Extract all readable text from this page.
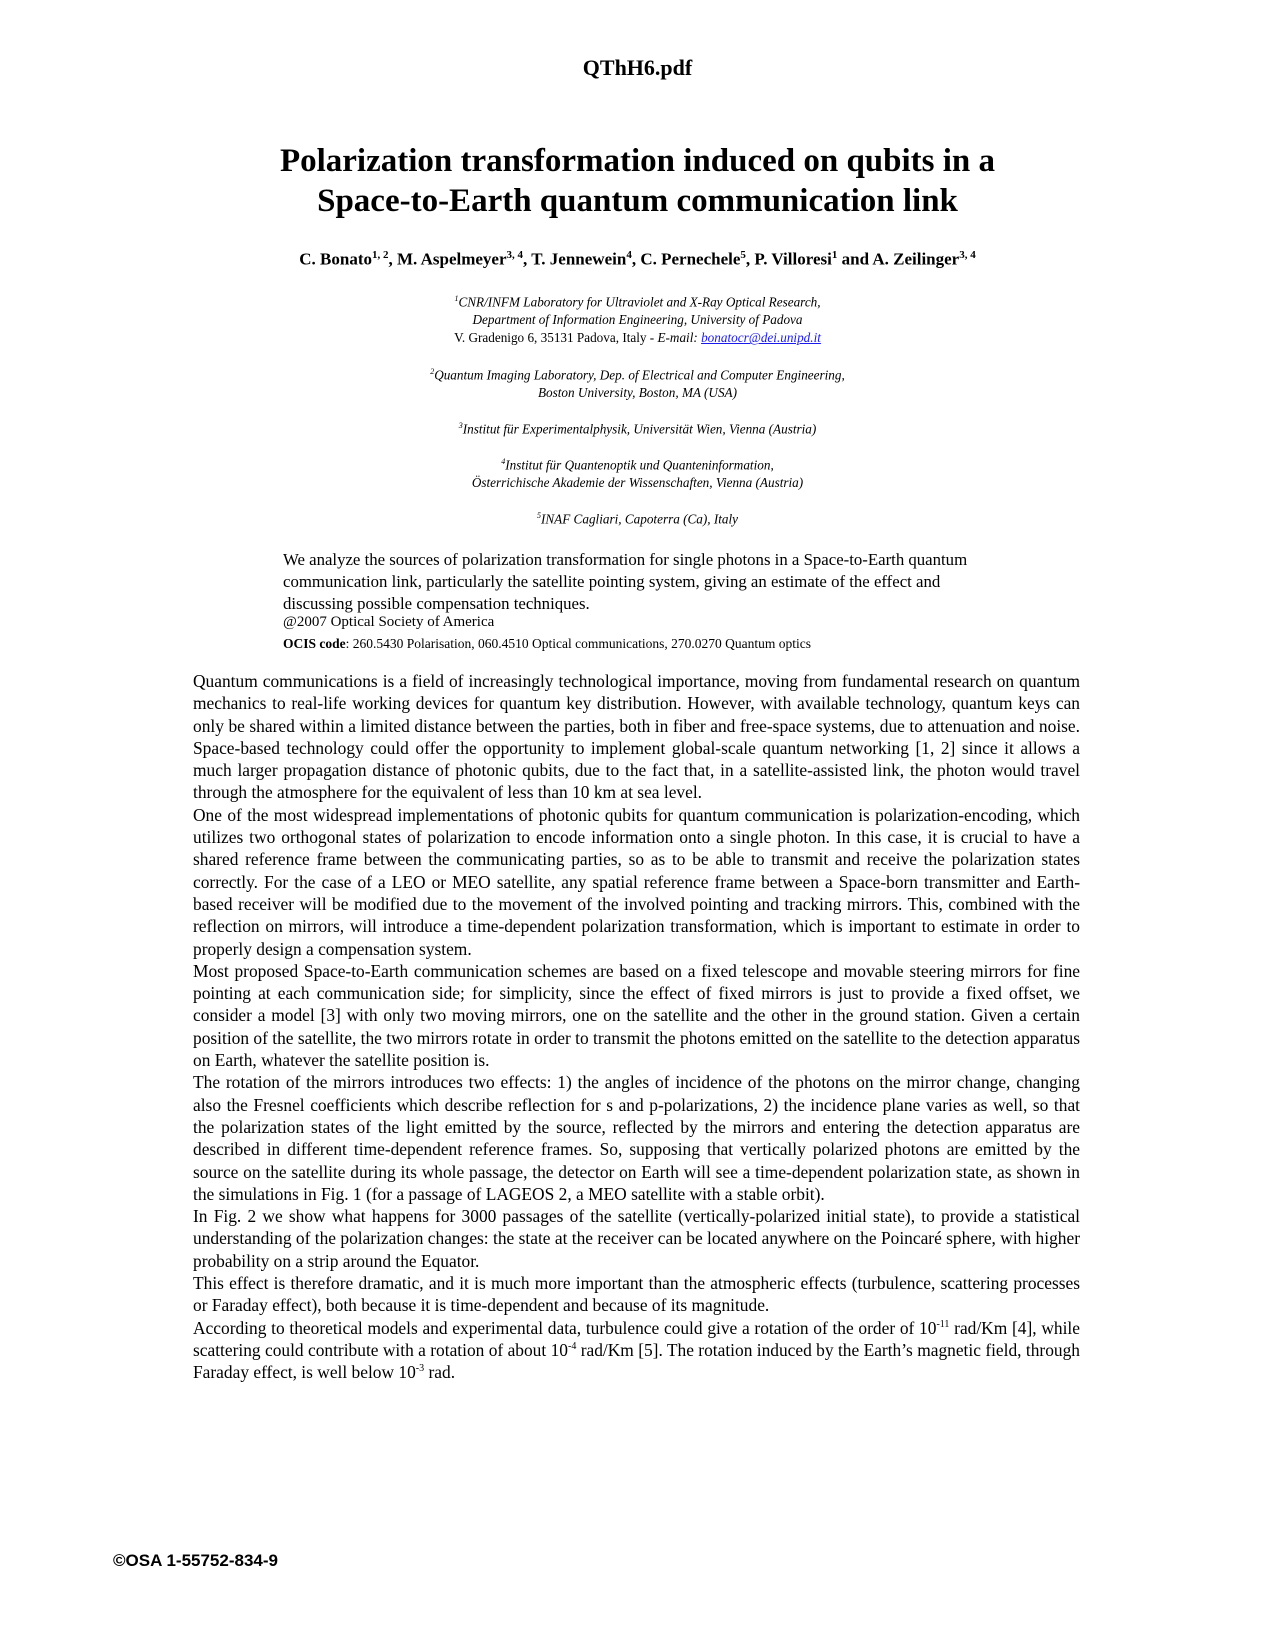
QThH6.pdf
Polarization transformation induced on qubits in a
Space-to-Earth quantum communication link
C. Bonato$^{1, 2}$, M. Aspelmeyer$^{3, 4}$, T. Jennewein$^4$, C. Pernechele$^5$, P. Villoresi$^1$ and A. Zeilinger$^{3, 4}$
$^1$CNR/INFM Laboratory for Ultraviolet and X-Ray Optical Research,
Department of Information Engineering, University of Padova
V. Gradenigo 6, 35131 Padova, Italy - E-mail: bonatocr@dei.unipd.it
$^2$Quantum Imaging Laboratory, Dep. of Electrical and Computer Engineering,
Boston University, Boston, MA (USA)
$^3$Institut für Experimentalphysik, Universität Wien, Vienna (Austria)
$^4$Institut für Quantenoptik und Quanteninformation,
Österrichische Akademie der Wissenschaften, Vienna (Austria)
$^5$INAF Cagliari, Capoterra (Ca), Italy
We analyze the sources of polarization transformation for single photons in a Space-to-Earth quantum communication link, particularly the satellite pointing system, giving an estimate of the effect and discussing possible compensation techniques.
@2007 Optical Society of America
OCIS code: 260.5430 Polarisation, 060.4510 Optical communications, 270.0270 Quantum optics

Quantum communications is a field of increasingly technological importance, moving from fundamental research on quantum mechanics to real-life working devices for quantum key distribution. However, with available technology, quantum keys can only be shared within a limited distance between the parties, both in fiber and free-space systems, due to attenuation and noise. Space-based technology could offer the opportunity to implement global-scale quantum networking [1, 2] since it allows a much larger propagation distance of photonic qubits, due to the fact that, in a satellite-assisted link, the photon would travel through the atmosphere for the equivalent of less than 10 km at sea level.

One of the most widespread implementations of photonic qubits for quantum communication is polarization-encoding, which utilizes two orthogonal states of polarization to encode information onto a single photon. In this case, it is crucial to have a shared reference frame between the communicating parties, so as to be able to transmit and receive the polarization states correctly. For the case of a LEO or MEO satellite, any spatial reference frame between a Space-born transmitter and Earth-based receiver will be modified due to the movement of the involved pointing and tracking mirrors. This, combined with the reflection on mirrors, will introduce a time-dependent polarization transformation, which is important to estimate in order to properly design a compensation system.

Most proposed Space-to-Earth communication schemes are based on a fixed telescope and movable steering mirrors for fine pointing at each communication side; for simplicity, since the effect of fixed mirrors is just to provide a fixed offset, we consider a model [3] with only two moving mirrors, one on the satellite and the other in the ground station. Given a certain position of the satellite, the two mirrors rotate in order to transmit the photons emitted on the satellite to the detection apparatus on Earth, whatever the satellite position is.

The rotation of the mirrors introduces two effects: 1) the angles of incidence of the photons on the mirror change, changing also the Fresnel coefficients which describe reflection for s and p-polarizations, 2) the incidence plane varies as well, so that the polarization states of the light emitted by the source, reflected by the mirrors and entering the detection apparatus are described in different time-dependent reference frames. So, supposing that vertically polarized photons are emitted by the source on the satellite during its whole passage, the detector on Earth will see a time-dependent polarization state, as shown in the simulations in Fig. 1 (for a passage of LAGEOS 2, a MEO satellite with a stable orbit).

In Fig. 2 we show what happens for 3000 passages of the satellite (vertically-polarized initial state), to provide a statistical understanding of the polarization changes: the state at the receiver can be located anywhere on the Poincaré sphere, with higher probability on a strip around the Equator.

This effect is therefore dramatic, and it is much more important than the atmospheric effects (turbulence, scattering processes or Faraday effect), both because it is time-dependent and because of its magnitude.

According to theoretical models and experimental data, turbulence could give a rotation of the order of $10^{-11}$ rad/Km [4], while scattering could contribute with a rotation of about $10^{-4}$ rad/Km [5]. The rotation induced by the Earth’s magnetic field, through Faraday effect, is well below $10^{-3}$ rad.

©OSA 1-55752-834-9
